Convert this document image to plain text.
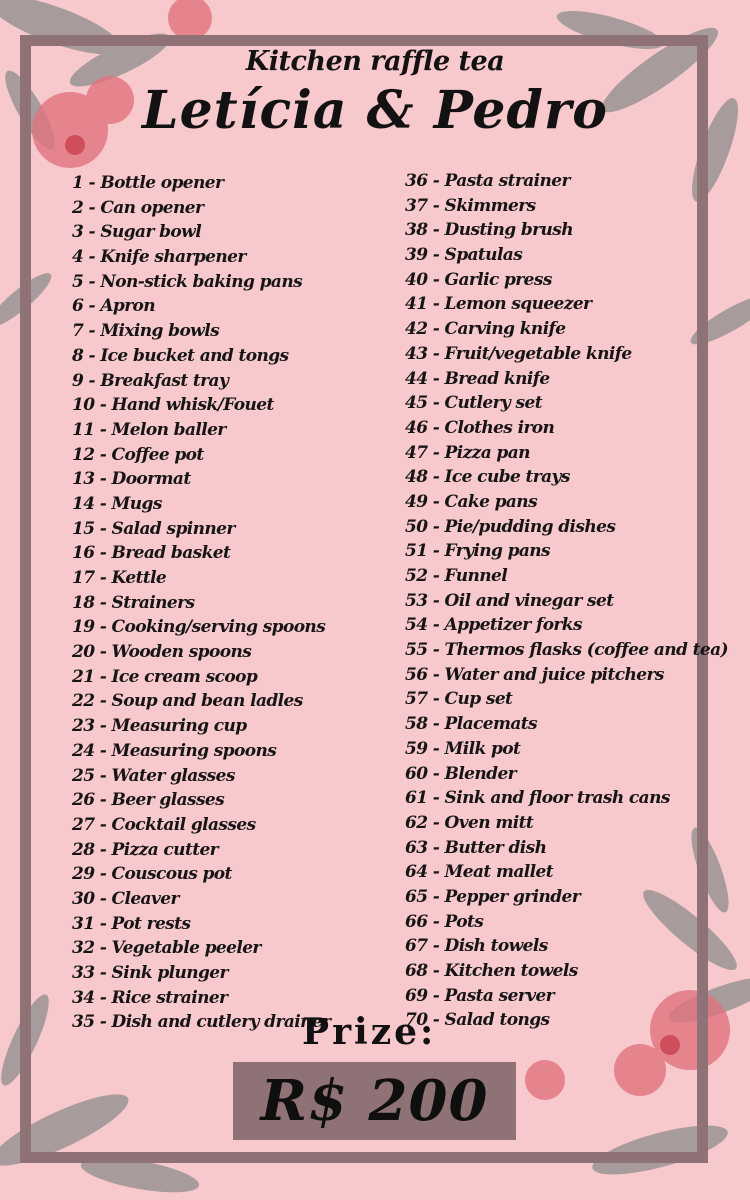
Kitchen raffle tea
Letícia & Pedro
1 - Bottle opener
2 - Can opener
3 - Sugar bowl
4 - Knife sharpener
5 - Non-stick baking pans
6 - Apron
7 - Mixing bowls
8 - Ice bucket and tongs
9 - Breakfast tray
10 - Hand whisk/Fouet
11 - Melon baller
12 - Coffee pot
13 - Doormat
14 - Mugs
15 - Salad spinner
16 - Bread basket
17 - Kettle
18 - Strainers
19 - Cooking/serving spoons
20 - Wooden spoons
21 - Ice cream scoop
22 - Soup and bean ladles
23 - Measuring cup
24 - Measuring spoons
25 - Water glasses
26 - Beer glasses
27 - Cocktail glasses
28 - Pizza cutter
29 - Couscous pot
30 - Cleaver
31 - Pot rests
32 - Vegetable peeler
33 - Sink plunger
34 - Rice strainer
35 - Dish and cutlery drainer
36 - Pasta strainer
37 - Skimmers
38 - Dusting brush
39 - Spatulas
40 - Garlic press
41 - Lemon squeezer
42 - Carving knife
43 - Fruit/vegetable knife
44 - Bread knife
45 - Cutlery set
46 - Clothes iron
47 - Pizza pan
48 - Ice cube trays
49 - Cake pans
50 - Pie/pudding dishes
51 - Frying pans
52 - Funnel
53 - Oil and vinegar set
54 - Appetizer forks
55 - Thermos flasks (coffee and tea)
56 - Water and juice pitchers
57 - Cup set
58 - Placemats
59 - Milk pot
60 - Blender
61 - Sink and floor trash cans
62 - Oven mitt
63 - Butter dish
64 - Meat mallet
65 - Pepper grinder
66 - Pots
67 - Dish towels
68 - Kitchen towels
69 - Pasta server
70 - Salad tongs
Prize:
R$ 200
